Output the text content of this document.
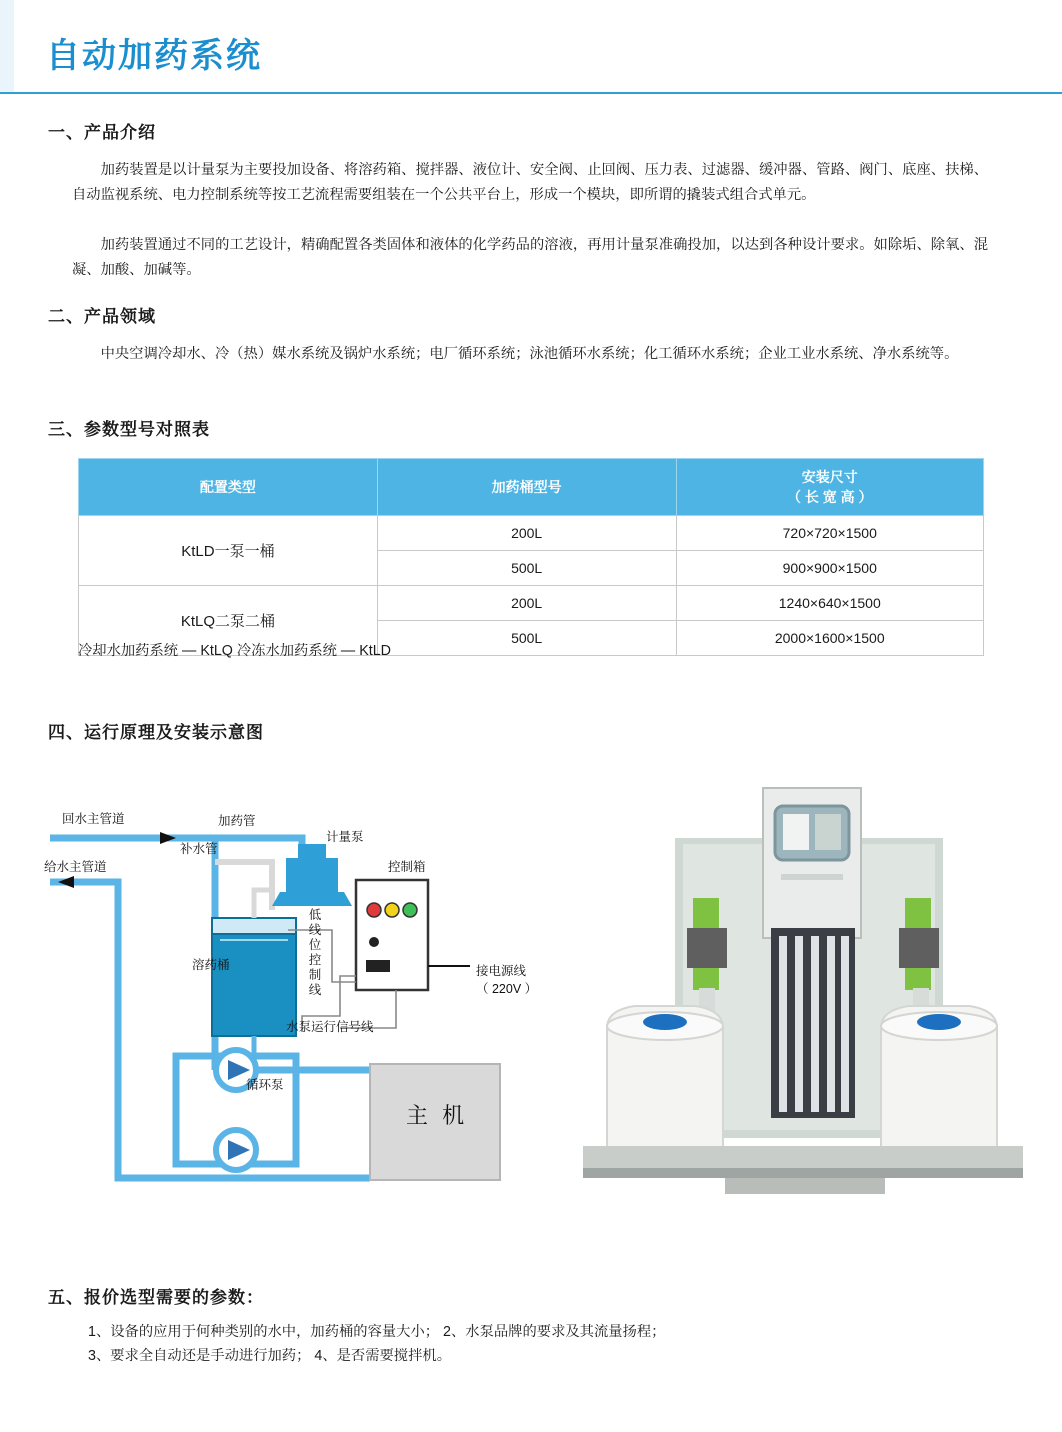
自动加药系统
一、产品介绍
加药装置是以计量泵为主要投加设备、将溶药箱、搅拌器、液位计、安全阀、止回阀、压力表、过滤器、缓冲器、管路、阀门、底座、扶梯、自动监视系统、电力控制系统等按工艺流程需要组装在一个公共平台上，形成一个模块，即所谓的撬装式组合式单元。
加药装置通过不同的工艺设计，精确配置各类固体和液体的化学药品的溶液，再用计量泵准确投加，以达到各种设计要求。如除垢、除氧、混凝、加酸、加碱等。
二、产品领域
中央空调冷却水、冷（热）媒水系统及锅炉水系统；电厂循环系统；泳池循环水系统；化工循环水系统；企业工业水系统、净水系统等。
三、参数型号对照表
配置类型	加药桶型号	安装尺寸
（ 长 宽 高 ）

KtLD一泵一桶	200L	720×720×1500
	500L	900×900×1500
KtLQ二泵二桶	200L	1240×640×1500
	500L	2000×1600×1500
冷却水加药系统 — KtLQ 冷冻水加药系统 — KtLD
四、运行原理及安装示意图
回水主管道
给水主管道
加药管
补水管
计量泵
控制箱
溶药桶
低线位控制线
接电源线
（ 220V ）
水泵运行信号线
循环泵
主 机
五、报价选型需要的参数：
1、设备的应用于何种类别的水中，加药桶的容量大小； 2、水泵品牌的要求及其流量扬程；
3、要求全自动还是手动进行加药； 4、是否需要搅拌机。
